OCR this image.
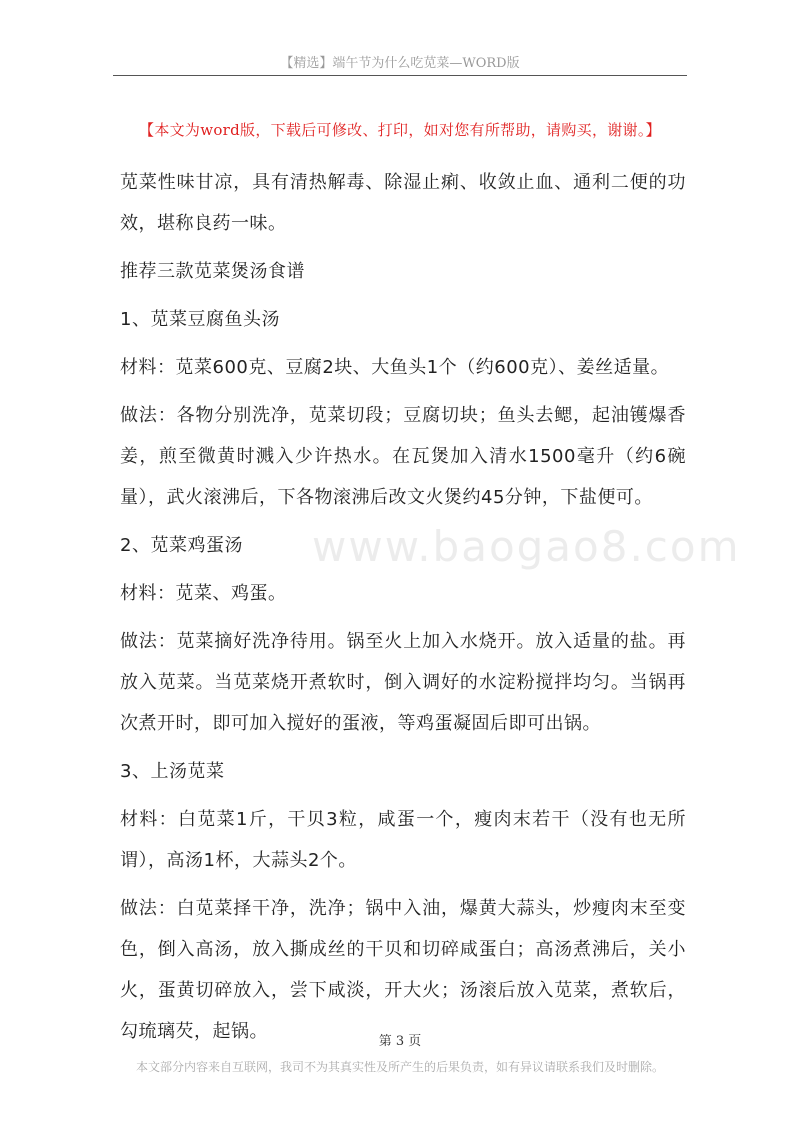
【精选】端午节为什么吃苋菜—WORD版
【本文为word版，下载后可修改、打印，如对您有所帮助，请购买，谢谢。】
www.baogao8.com

苋菜性味甘凉，具有清热解毒、除湿止痢、收敛止血、通利二便的功效，堪称良药一味。

推荐三款苋菜煲汤食谱

1、苋菜豆腐鱼头汤

材料：苋菜600克、豆腐2块、大鱼头1个（约600克）、姜丝适量。

做法：各物分别洗净，苋菜切段；豆腐切块；鱼头去鳃，起油镬爆香姜，煎至微黄时溅入少许热水。在瓦煲加入清水1500毫升（约6碗量），武火滚沸后，下各物滚沸后改文火煲约45分钟，下盐便可。

2、苋菜鸡蛋汤

材料：苋菜、鸡蛋。

做法：苋菜摘好洗净待用。锅至火上加入水烧开。放入适量的盐。再放入苋菜。当苋菜烧开煮软时，倒入调好的水淀粉搅拌均匀。当锅再次煮开时，即可加入搅好的蛋液，等鸡蛋凝固后即可出锅。

3、上汤苋菜

材料：白苋菜1斤，干贝3粒，咸蛋一个，瘦肉末若干（没有也无所谓），高汤1杯，大蒜头2个。

做法：白苋菜择干净，洗净；锅中入油，爆黄大蒜头，炒瘦肉末至变色，倒入高汤，放入撕成丝的干贝和切碎咸蛋白；高汤煮沸后，关小火，蛋黄切碎放入，尝下咸淡，开大火；汤滚后放入苋菜，煮软后，勾琉璃芡，起锅。	第 3 页
本文部分内容来自互联网，我司不为其真实性及所产生的后果负责，如有异议请联系我们及时删除。
